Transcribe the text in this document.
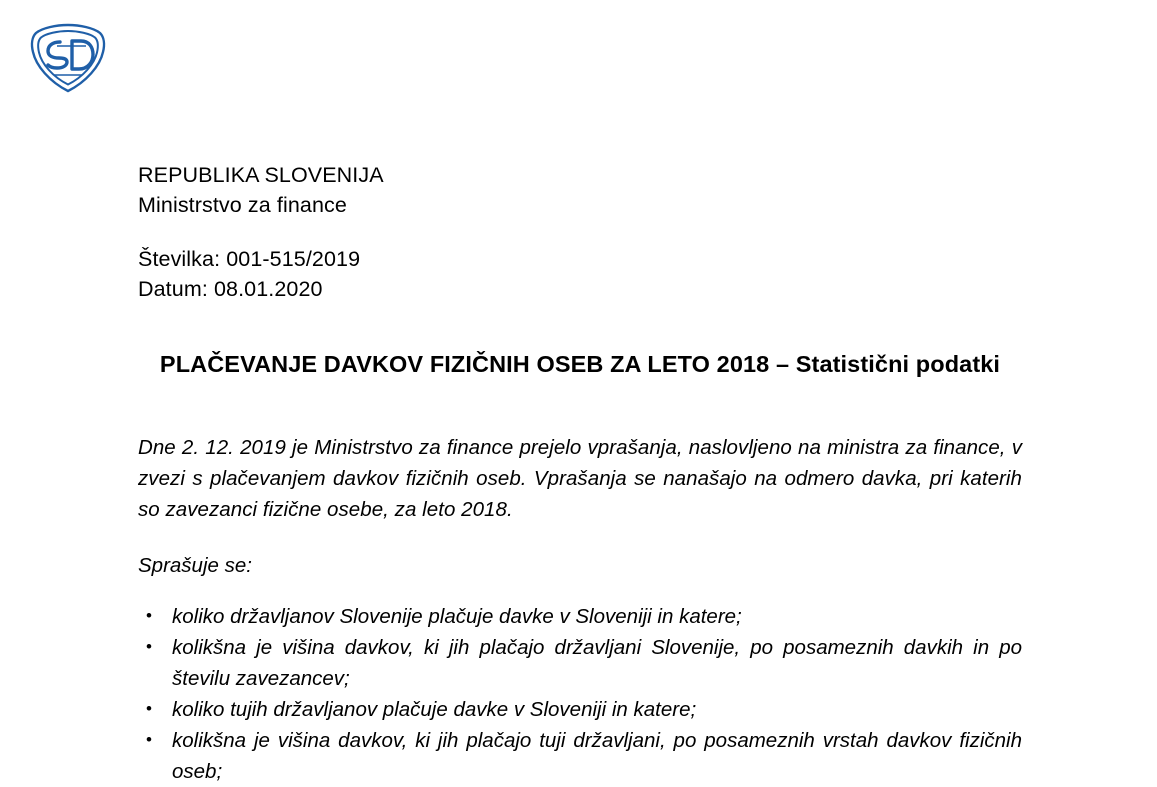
REPUBLIKA SLOVENIJA
Ministrstvo za finance
Številka: 001-515/2019
Datum: 08.01.2020
PLAČEVANJE DAVKOV FIZIČNIH OSEB ZA LETO 2018 – Statistični podatki

Dne 2. 12. 2019 je Ministrstvo za finance prejelo vprašanja, naslovljeno na ministra za finance, v zvezi s plačevanjem davkov fizičnih oseb. Vprašanja se nanašajo na odmero davka, pri katerih so zavezanci fizične osebe, za leto 2018.

Sprašuje se:

• koliko državljanov Slovenije plačuje davke v Sloveniji in katere;
• kolikšna je višina davkov, ki jih plačajo državljani Slovenije, po posameznih davkih in po številu zavezancev;
• koliko tujih državljanov plačuje davke v Sloveniji in katere;
• kolikšna je višina davkov, ki jih plačajo tuji državljani, po posameznih vrstah davkov fizičnih oseb;
